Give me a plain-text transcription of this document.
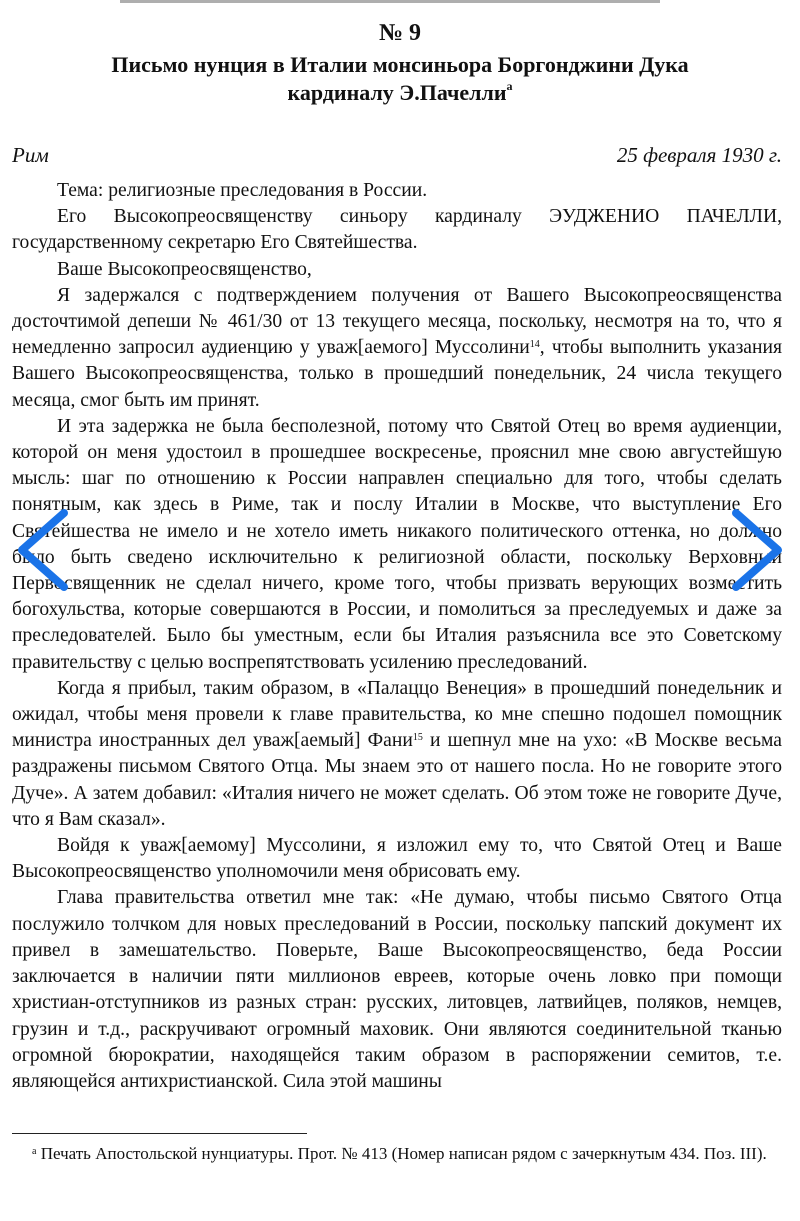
№ 9
Письмо нунция в Италии монсиньора Боргонджини Дука
кардиналу Э.Пачелли$^a$
Рим	25 февраля 1930 г.

Тема: религиозные преследования в России.

Его Высокопреосвященству синьору кардиналу ЭУДЖЕНИО ПАЧЕЛЛИ, государственному секретарю Его Святейшества.

Ваше Высокопреосвященство,

Я задержался с подтверждением получения от Вашего Высокопреосвященства досточтимой депеши № 461/30 от 13 текущего месяца, поскольку, несмотря на то, что я немедленно запросил аудиенцию у уваж[аемого] Муссолини$^{14}$, чтобы выполнить указания Вашего Высокопреосвященства, только в прошедший понедельник, 24 числа текущего месяца, смог быть им принят.

И эта задержка не была бесполезной, потому что Святой Отец во время аудиенции, которой он меня удостоил в прошедшее воскресенье, прояснил мне свою августейшую мысль: шаг по отношению к России направлен специально для того, чтобы сделать понятным, как здесь в Риме, так и послу Италии в Москве, что выступление Его Святейшества не имело и не хотело иметь никакого политического оттенка, но должно было быть сведено исключительно к религиозной области, поскольку Верховный Первосвященник не сделал ничего, кроме того, чтобы призвать верующих возместить богохульства, которые совершаются в России, и помолиться за преследуемых и даже за преследователей. Было бы уместным, если бы Италия разъяснила все это Советскому правительству с целью воспрепятствовать усилению преследований.

Когда я прибыл, таким образом, в «Палаццо Венеция» в прошедший понедельник и ожидал, чтобы меня провели к главе правительства, ко мне спешно подошел помощник министра иностранных дел уваж[аемый] Фани$^{15}$ и шепнул мне на ухо: «В Москве весьма раздражены письмом Святого Отца. Мы знаем это от нашего посла. Но не говорите этого Дуче». А затем добавил: «Италия ничего не может сделать. Об этом тоже не говорите Дуче, что я Вам сказал».

Войдя к уваж[аемому] Муссолини, я изложил ему то, что Святой Отец и Ваше Высокопреосвященство уполномочили меня обрисовать ему.

Глава правительства ответил мне так: «Не думаю, чтобы письмо Святого Отца послужило толчком для новых преследований в России, поскольку папский документ их привел в замешательство. Поверьте, Ваше Высокопреосвященство, беда России заключается в наличии пяти миллионов евреев, которые очень ловко при помощи христиан-отступников из разных стран: русских, литовцев, латвийцев, поляков, немцев, грузин и т.д., раскручивают огромный маховик. Они являются соединительной тканью огромной бюрократии, находящейся таким образом в распоряжении семитов, т.е. являющейся антихристианской. Сила этой машины

$^a$ Печать Апостольской нунциатуры. Прот. № 413 (Номер написан рядом с зачеркнутым 434. Поз. III).
